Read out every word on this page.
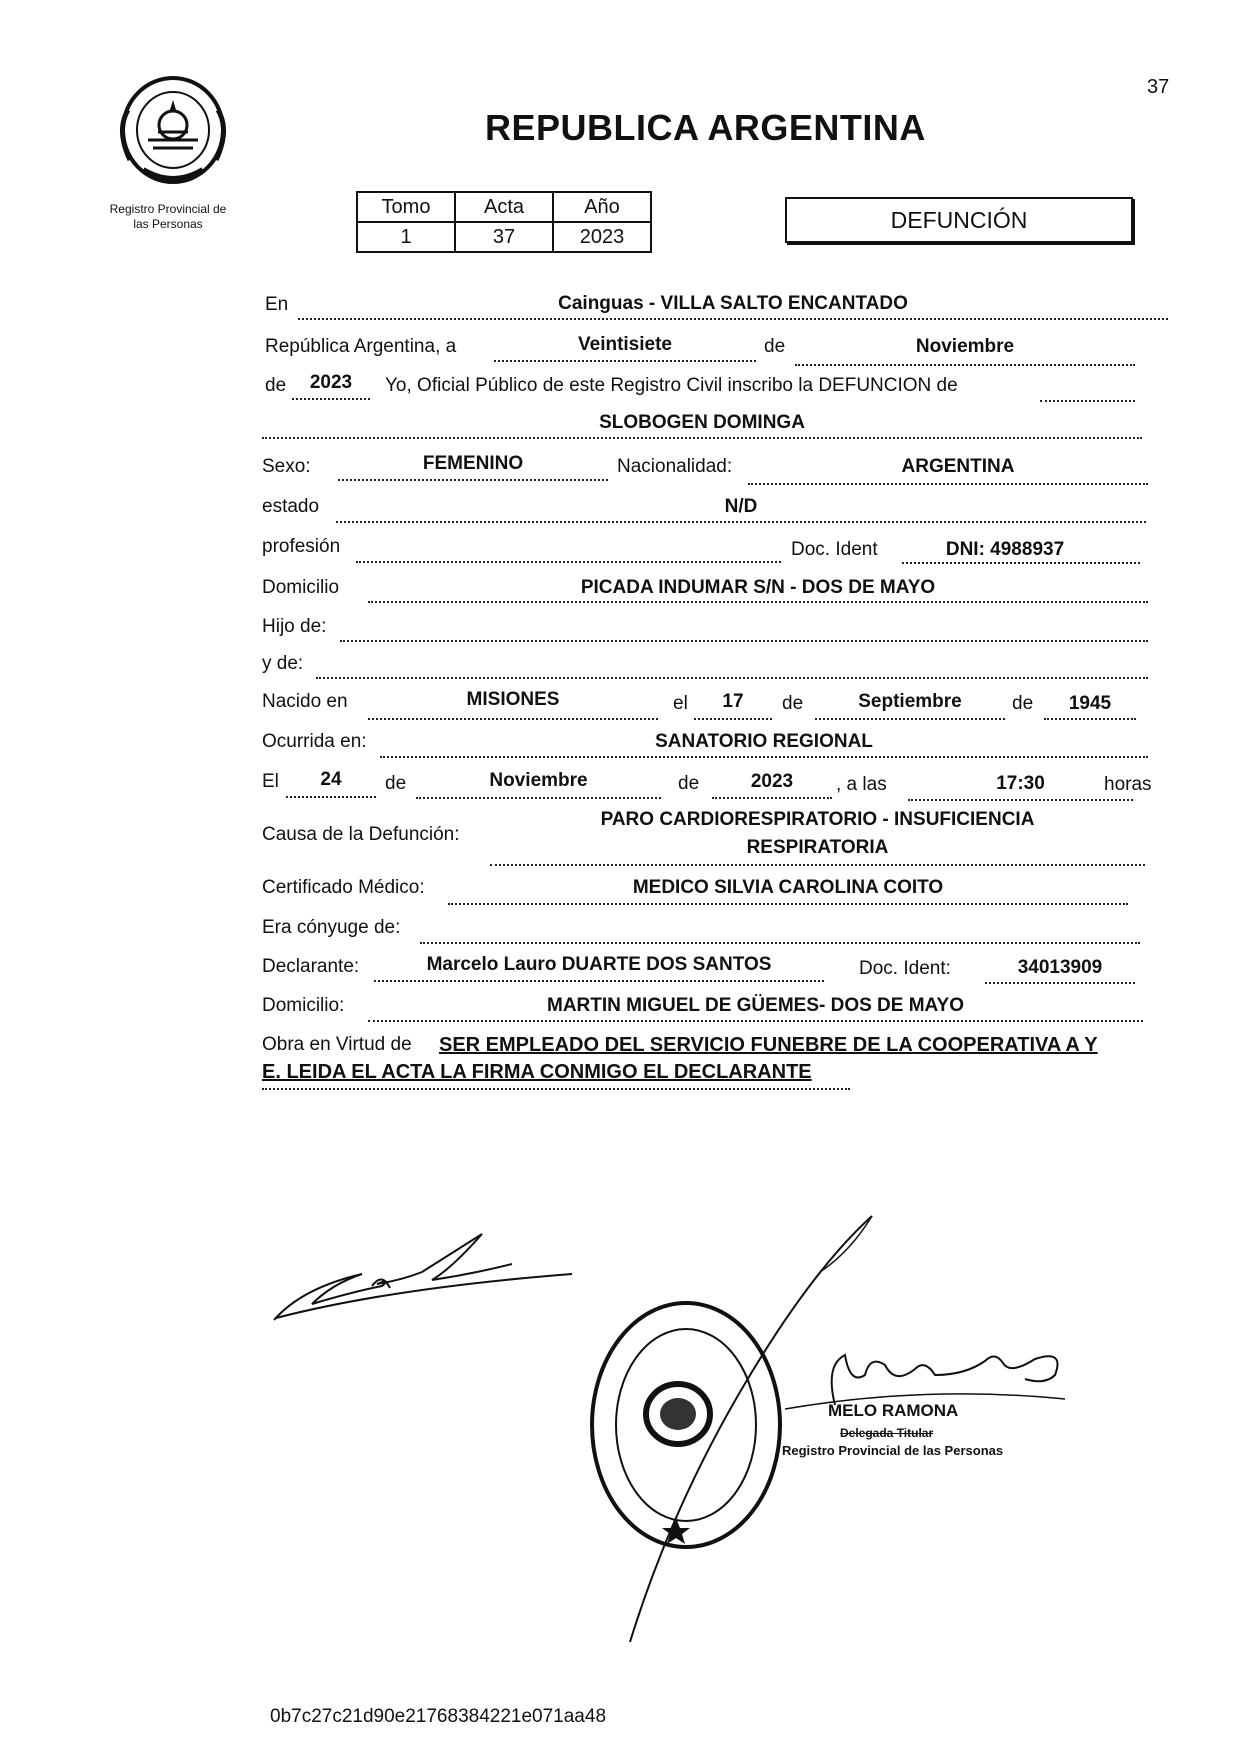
37
Registro Provincial de
las Personas
REPUBLICA ARGENTINA
Tomo	Acta	Año
1	37	2023
DEFUNCIÓN
En	Cainguas - VILLA SALTO ENCANTADO
República Argentina, a	Veintisiete	de	Noviembre
de	2023	Yo, Oficial Público de este Registro Civil inscribo la DEFUNCION de
SLOBOGEN DOMINGA
Sexo:	FEMENINO	Nacionalidad:	ARGENTINA
estado	N/D
profesión	Doc. Ident	DNI: 4988937
Domicilio	PICADA INDUMAR S/N - DOS DE MAYO
Hijo de:
y de:
Nacido en	MISIONES	el	17	de	Septiembre	de	1945
Ocurrida en:	SANATORIO REGIONAL
El	24	de	Noviembre	de	2023	, a las	17:30	horas
Causa de la Defunción:
PARO CARDIORESPIRATORIO - INSUFICIENCIA
RESPIRATORIA
Certificado Médico:	MEDICO SILVIA CAROLINA COITO
Era cónyuge de:
Declarante:	Marcelo Lauro DUARTE DOS SANTOS	Doc. Ident:	34013909
Domicilio:	MARTIN MIGUEL DE GÜEMES- DOS DE MAYO
Obra en Virtud de SER EMPLEADO DEL SERVICIO FUNEBRE DE LA COOPERATIVA A Y
E. LEIDA EL ACTA LA FIRMA CONMIGO EL DECLARANTE
MELO RAMONA
Delegada Titular
Registro Provincial de las Personas
0b7c27c21d90e21768384221e071aa48
